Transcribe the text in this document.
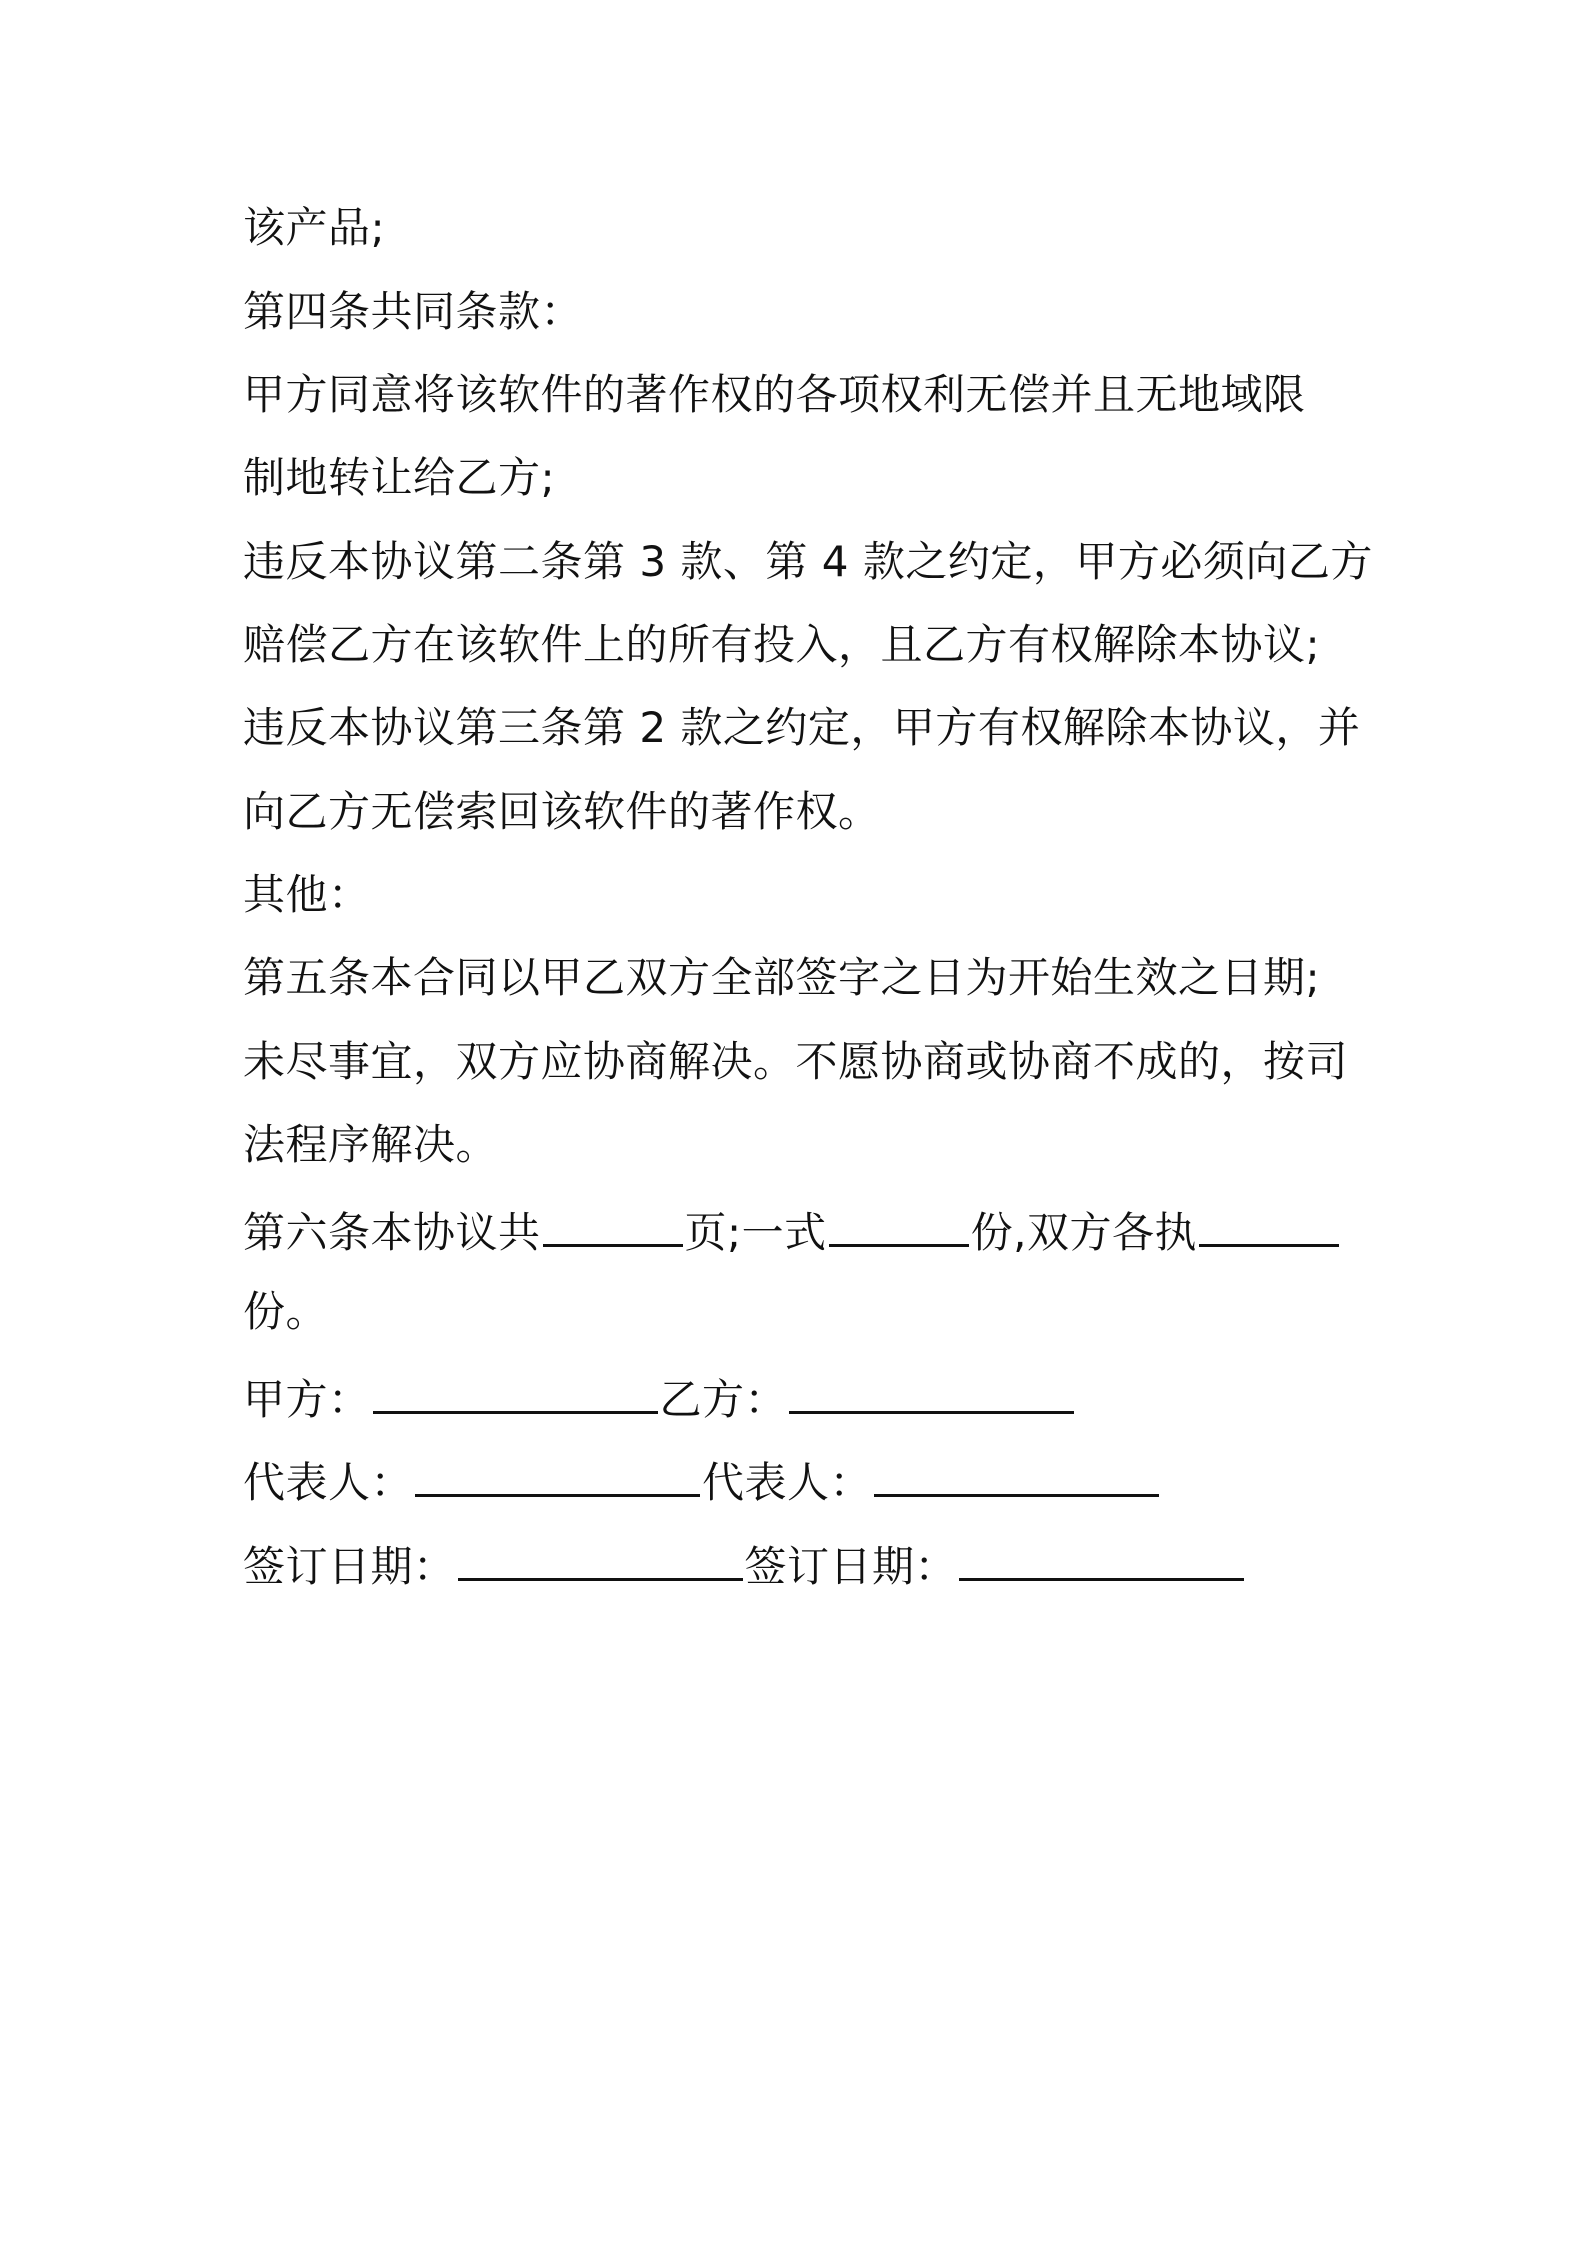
该产品;
第四条共同条款：
甲方同意将该软件的著作权的各项权利无偿并且无地域限
制地转让给乙方;
违反本协议第二条第 3 款、第 4 款之约定，甲方必须向乙方
赔偿乙方在该软件上的所有投入，且乙方有权解除本协议;
违反本协议第三条第 2 款之约定，甲方有权解除本协议，并
向乙方无偿索回该软件的著作权。
其他：
第五条本合同以甲乙双方全部签字之日为开始生效之日期;
未尽事宜，双方应协商解决。不愿协商或协商不成的，按司
法程序解决。
第六条本协议共	页;一式	份,双方各执
份。
甲方：	乙方：
代表人：	代表人：
签订日期：	签订日期：
